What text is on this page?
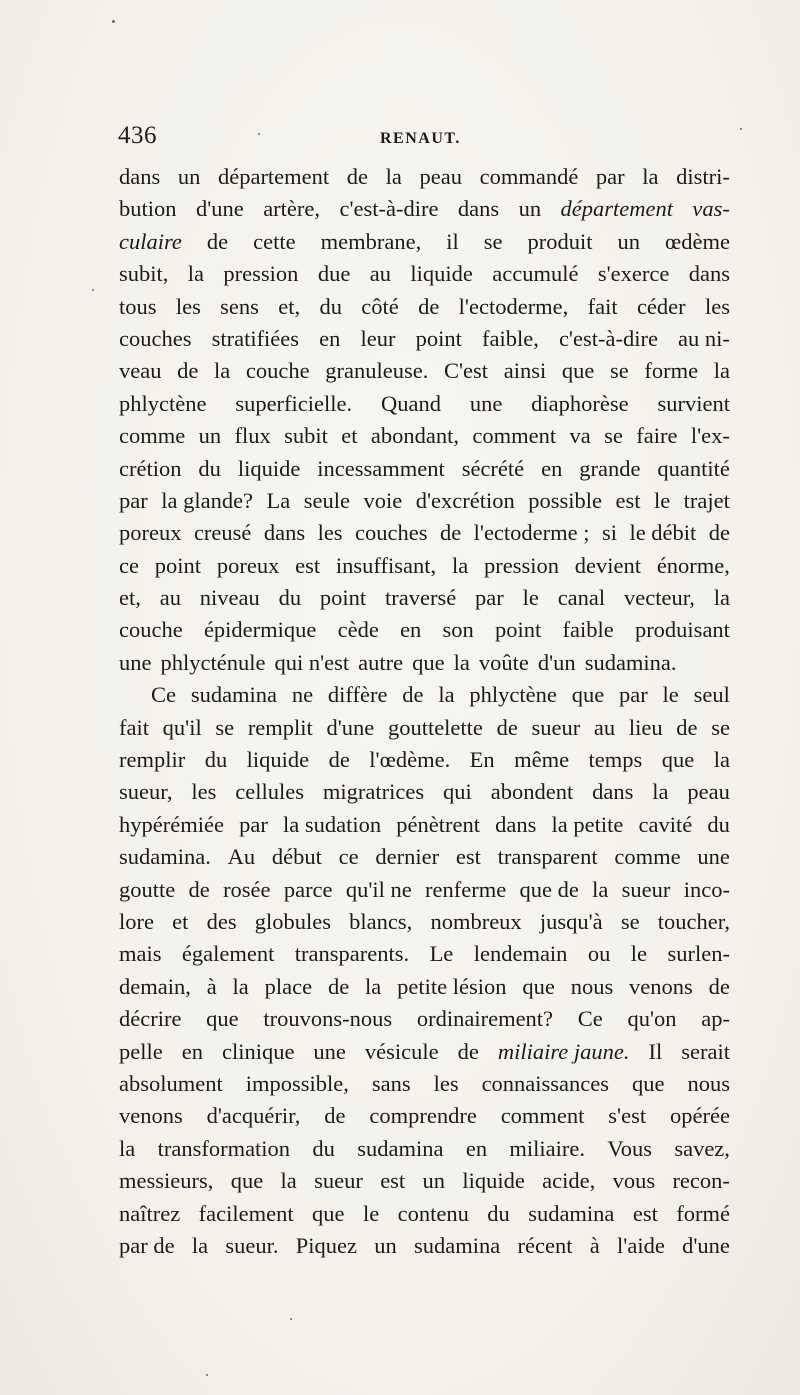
436	RENAUT.
dans un département de la peau commandé par la distri-
bution d'une artère, c'est-à-dire dans un département vas-
culaire de cette membrane, il se produit un œdème
subit, la pression due au liquide accumulé s'exerce dans
tous les sens et, du côté de l'ectoderme, fait céder les
couches stratifiées en leur point faible, c'est-à-dire au ni-
veau de la couche granuleuse. C'est ainsi que se forme la
phlyctène superficielle. Quand une diaphorèse survient
comme un flux subit et abondant, comment va se faire l'ex-
crétion du liquide incessamment sécrété en grande quantité
par la glande? La seule voie d'excrétion possible est le trajet
poreux creusé dans les couches de l'ectoderme ; si le débit de
ce point poreux est insuffisant, la pression devient énorme,
et, au niveau du point traversé par le canal vecteur, la
couche épidermique cède en son point faible produisant
une phlycténule qui n'est autre que la voûte d'un sudamina.
Ce sudamina ne diffère de la phlyctène que par le seul
fait qu'il se remplit d'une gouttelette de sueur au lieu de se
remplir du liquide de l'œdème. En même temps que la
sueur, les cellules migratrices qui abondent dans la peau
hypérémiée par la sudation pénètrent dans la petite cavité du
sudamina. Au début ce dernier est transparent comme une
goutte de rosée parce qu'il ne renferme que de la sueur inco-
lore et des globules blancs, nombreux jusqu'à se toucher,
mais également transparents. Le lendemain ou le surlen-
demain, à la place de la petite lésion que nous venons de
décrire que trouvons-nous ordinairement? Ce qu'on ap-
pelle en clinique une vésicule de miliaire jaune. Il serait
absolument impossible, sans les connaissances que nous
venons d'acquérir, de comprendre comment s'est opérée
la transformation du sudamina en miliaire. Vous savez,
messieurs, que la sueur est un liquide acide, vous recon-
naîtrez facilement que le contenu du sudamina est formé
par de la sueur. Piquez un sudamina récent à l'aide d'une
